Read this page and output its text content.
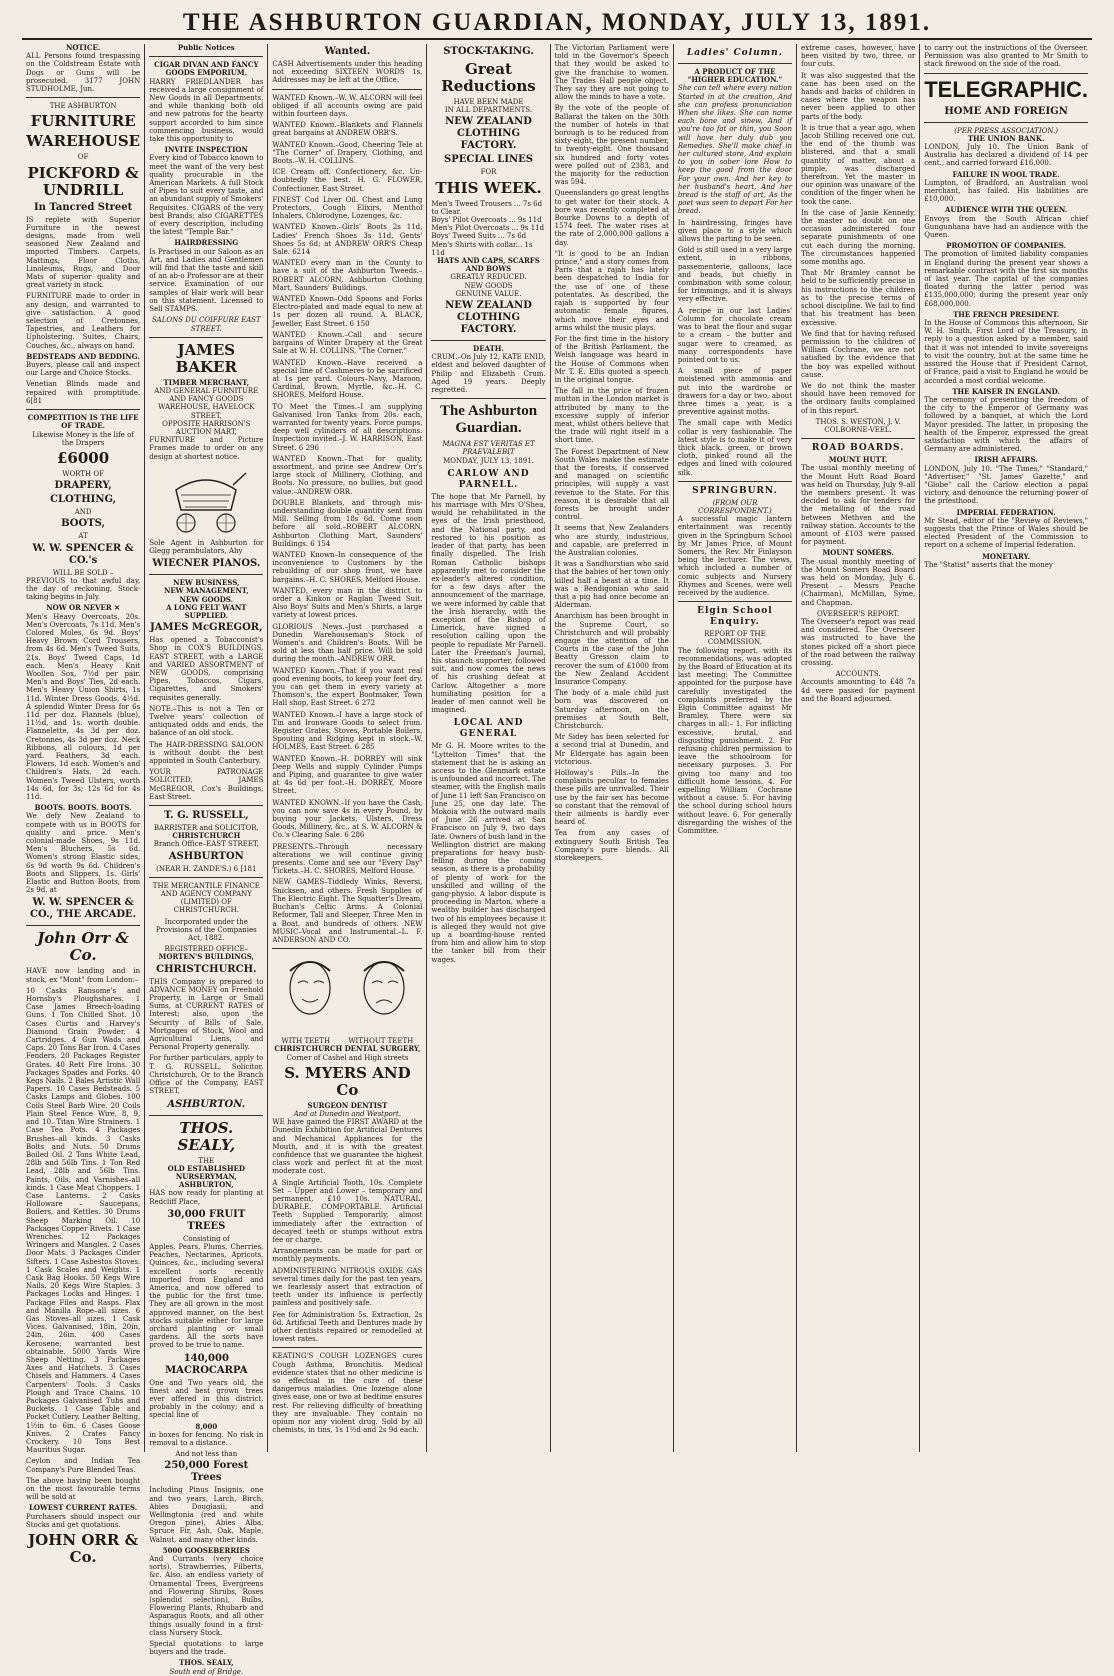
THE ASHBURTON GUARDIAN, MONDAY, JULY 13, 1891.
NOTICE.

ALL Persons found trespassing on the Coldstream Estate with Dogs or Guns will be prosecuted. 3177 JOHN STUDHOLME, Jun.

THE ASHBURTON
FURNITURE
WAREHOUSE
OF
PICKFORD & UNDRILL
In Tancred Street

IS replete with Superior Furniture in the newest designs, made from well seasoned New Zealand and imported Timbers. Carpets, Mattings, Floor Cloths, Linoleums, Rugs, and Door Mats of superior quality and great variety in stock.

FURNITURE made to order in any design, and warranted to give satisfaction. A good selection of Cretonnes, Tapestries, and Leathers for Upholstering. Suites, Chairs, Couches, &c., always on hand.

BEDSTEADS AND BEDDING.

Buyers, please call and inspect our Large and Choice Stocks.

Venetian Blinds made and repaired with promptitude. 6[81

COMPETITION IS THE LIFE OF TRADE.
Likewise Money is the life of the Drapers
£6000
WORTH OF
DRAPERY,
CLOTHING,
AND
BOOTS,
AT
W. W. SPENCER & CO.'s
WILL BE SOLD –

PREVIOUS to that awful day, the day of reckoning, Stock-taking begins in July.

NOW OR NEVER ✕

Men's Heavy Overcoats, 20s. Men's Overcoats, 7s 11d. Men's Colored Moles, 6s 9d. Boys' Heavy Brown Cord Trousers, from 4s 6d. Men's Tweed Suits, 21s. Boys' Tweed Caps, 1d each. Men's Heavy Knit Woollen Sox, 7½d per pair. Men's and Boys' Ties, 2d each. Men's Heavy Union Shirts, 1s 11d. Winter Dress Goods, 4½d. A splendid Winter Dress for 6s 11d per doz. Flannels (blue), 11½d, and 1s. worth double. Flannelette, 4s 3d per doz. Cretonnes, 4s 3d per doz. Neck Ribbons, all colours, 1d per yard. Feathers, 3d each. Flowers, 1d each. Women's and Children's Hats, 2d each. Women's Tweed Ulsters, worth 14s 6d, for 3s; 12s 6d for 4s 11d.

BOOTS. BOOTS. BOOTS.

We defy New Zealand to compete with us in BOOTS for quality and price. Men's colonial-made Shoes, 9s 11d. Men's Bluchers, 5s 6d. Women's strong Elastic sides, 6s 9d worth 9s 6d. Children's Boots and Slippers, 1s. Girls' Elastic and Button Boots, from 2s 9d. at

W. W. SPENCER & CO., THE ARCADE.
John Orr & Co.

HAVE now landing and in stock, ex "Mont" from London:–

10 Casks Ransome's and Hornsby's Ploughshares. 1 Case James Breech-loading Guns. 1 Ton Chilled Shot. 10 Cases Curtis and Harvey's Diamond Grain Powder. 4 Cartridges. 4 Gun Wads and Caps. 20 Tons Bar Iron. 4 Cases Fenders. 20 Packages Register Grates. 40 Rett Fire Irons. 30 Packages Spades and Forks. 40 Kegs Nails. 2 Bales Artistic Wall Papers. 10 Cases Bedsteads. 5 Casks Lamps and Globes. 100 Coils Steel Barb Wire. 20 Coils Plain Steel Fence Wire, 8, 9, and 10. Titan Wire Strainers. 1 Case Tea Pots. 4 Packages Brushes–all kinds. 3 Casks Bolts and Nuts. 50 Drums Boiled Oil. 2 Tons White Lead, 28lb and 56lb Tins. 1 Ton Red Lead, 28lb and 56lb Tins. Paints, Oils, and Varnishes–all kinds. 1 Case Meat Choppers. 1 Case Lanterns. 2 Casks Holloware – Saucepans, Boilers, and Kettles. 30 Drums Sheep Marking Oil. 10 Packages Copper Rivets. 1 Case Wrenches. 12 Packages Wringers and Mangles. 2 Cases Door Mats. 3 Packages Cinder Sifters. 1 Case Asbestos Stoves. 1 Cask Scales and Weights. 1 Cask Bag Hooks. 50 Kegs Wire Nails. 20 Kegs Wire Staples. 3 Packages Locks and Hinges. 1 Package Files and Rasps. Flax and Manilla Rope–all sizes. 6 Gas Stoves–all sizes. 1 Cask Vices. Galvanised, 18in, 20in, 24in, 26in. 400 Cases Kerosene; warranted best obtainable. 5000 Yards Wire Sheep Netting. 3 Packages Axes and Hatchets. 3 Cases Chisels and Hammers. 4 Cases Carpenters' Tools. 3 Casks Plough and Trace Chains. 10 Packages Galvanised Tubs and Buckets. 1 Case Table and Pocket Cutlery. Leather Belting, 1½in to 6in. 6 Cases Goose Knives. 2 Crates Fancy Crockery. 10 Tons Best Mauritius Sugar.

Ceylon and Indian Tea Company's Pure Blended Teas.

The above having been bought on the most favourable terms will be sold at

LOWEST CURRENT RATES.

Purchasers should inspect our Stocks and get quotations.

JOHN ORR & Co.
Public Notices
CIGAR DIVAN AND FANCY GOODS EMPORIUM.

HARRY FRIEDLANDER has received a large consignment of New Goods in all Departments, and while thanking both old and new patrons for the hearty support accorded to him since commencing business, would take this opportunity to

INVITE INSPECTION

Every kind of Tobacco known to meet the want of the very best quality procurable in the American Markets. A full Stock of Pipes to suit every taste, and an abundant supply of Smokers' Requisites. CIGARS of the very best Brands; also CIGARETTES of every description, including the latest "Temple Bar."

HAIRDRESSING

Is Practised in our Saloon as an Art, and Ladies and Gentlemen will find that the taste and skill of an ab-o Professor are at their service. Examination of our samples of Hair work will bear on this statement. Licensed to Sell STAMPS.

SALONS DU COIFFURE EAST STREET.
JAMES BAKER
TIMBER MERCHANT,
AND GENERAL FURNITURE AND FANCY GOODS WAREHOUSE, HAVELOCK STREET,
OPPOSITE HARRISON'S AUCTION MART,

FURNITURE and Picture Frames made to order on any design at shortest notice.

Sole Agent in Ashburton for Glegg perambulators, Ahy

WIECNER PIANOS.
NEW BUSINESS,
NEW MANAGEMENT,
NEW GOODS.
A LONG FELT WANT SUPPLIED.
JAMES McGREGOR,

Has opened a Tobacconist's Shop in COX'S BUILDINGS, EAST STREET, with a LARGE and VARIED ASSORTMENT of NEW GOODS, comprising Pipes, Tobaccos, Cigars, Cigarettes, and Smokers' requisites generally.

NOTE.–This is not a Ten or Twelve years' collection of antiquated odds and ends, the balance of an old stock.

The HAIR-DRESSING SALOON is without doubt the best appointed in South Canterbury.

YOUR PATRONAGE SOLICITED, JAMES McGREGOR, Cox's Buildings, East Street.

T. G. RUSSELL,
BARRISTER and SOLICITOR,
CHRISTCHURCH
Branch Office–EAST STREET,
ASHBURTON
(NEAR H. ZANDE'S.) 6 [181

THE MERCANTILE FINANCE AND AGENCY COMPANY (LIMITED) OF CHRISTCHURCH.

Incorporated under the Provisions of the Companies Act, 1882.

REGISTERED OFFICE–
MORTEN'S BUILDINGS,
CHRISTCHURCH.

THIS Company is prepared to ADVANCE MONEY on Freehold Property, in Large or Small Sums, at CURRENT RATES of Interest; also, upon the Security of Bills of Sale, Mortgages of Stock, Wool and Agricultural Liens, and Personal Property generally.

For further particulars, apply to T. G. RUSSELL, Solicitor, Christchurch, Or to the Branch Office of the Company, EAST STREET,

ASHBURTON.
THOS. SEALY,
THE
OLD ESTABLISHED NURSERYMAN, ASHBURTON,

HAS now ready for planting at Redcliff Place,

30,000 FRUIT TREES
Consisting of

Apples, Pears, Plums, Cherries, Peaches, Nectarines, Apricots, Quinces, &c., including several excellent sorts recently imported from England and America, and now offered to the public for the first time. They are all grown in the most approved manner, on the best stocks suitable either for large orchard planting or small gardens. All the sorts have proved to be true to name.

140,000 MACROCARPA

One and Two years old, the finest and best grown trees ever offered in this district, probably in the colony; and a special line of

8,000

in boxes for fencing. No risk in removal to a distance.

And not less than
250,000 Forest Trees

Including Pinus Insignis, one and two years, Larch, Birch, Abies Douglasii, and Wellingtonia (red and white Oregon pine), Abies Alba, Spruce Fir, Ash, Oak, Maple, Walnut, and many other kinds.

5000 GOOSEBERRIES

And Currants (very choice sorts), Strawberries, Filberts, &c. Also, an endless variety of Ornamental Trees, Evergreens and Flowering Shrubs, Roses (splendid selection), Bulbs, Flowering Plants, Rhubarb and Asparagus Roots, and all other things usually found in a first-class Nursery Stock.

Special quotations to large buyers and the trade.

THOS. SEALY,
South end of Bridge.
Wanted.

CASH Advertisements under this heading not exceeding SIXTEEN WORDS 1s. Addresses may be left at the Office.

WANTED Known.–W. W. ALCORN will feel obliged if all accounts owing are paid within fourteen days.

WANTED Known.–Blankets and Flannels great bargains at ANDREW ORR'S.

WANTED Known.–Good, Cheering Tele at "The Corner" of Drapery, Clothing, and Boots.–W. H. COLLINS.

ICE Cream off. Confectionery, &c. Un-doubtedly the best. H. G. FLOWER, Confectioner, East Street.

FINEST Cod Liver Oil. Chest and Lung Protectors, Cough Elixirs, Menthol Inhalers, Chlorodyne, Lozenges, &c.

WANTED Known.–Girls' Boots 2s 11d, Ladies' French Shoes 3s 11d, Gents' Shoes 5s 6d; at ANDREW ORR'S Cheap Sale. 6214

WANTED every man in the County to have a suit of the Ashburton Tweeds.–ROBERT ALCORN, Ashburton Clothing Mart, Saunders' Buildings.

WANTED Known–Odd Spoons and Forks Electro-plated and made equal to new at 1s per dozen all round. A. BLACK, Jeweller, East Street. 6 150

WANTED Known.–Call and secure bargains of Winter Drapery at the Great Sale at W. H. COLLINS, "The Corner."

WANTED Known.–Have received a special line of Cashmeres to be sacrificed at 1s per yard. Colours–Navy, Maroon, Cardinal, Brown, Myrtle, &c.–H. C. SHORES, Melford House.

TO Meet the Times.–I am supplying Galvanised Iron Tanks from 20s. each, warranted for twenty years. Force pumps, deep well cylinders of all descriptions. Inspection invited.–J. W. HARRISON, East Street. 6 296

WANTED Known.–That for quality, assortment, and price see Andrew Orr's large stock of Millinery, Clothing, and Boots. No pressure, no bullies, but good value.–ANDREW ORR.

DOUBLE Blankets, and through mis-understanding double quantity sent from Mill. Selling from 18s 6d. Come soon before all sold.–ROBERT ALCORN, Ashburton Clothing Mart, Saunders' Buildings. 6 154

WANTED Known–In consequence of the inconvenience to Customers by the rebuilding of our shop front, we have bargains.–H. C. SHORES, Melford House.

WANTED, every man in the district to order a Kinkon or Raglan Tweed Suit. Also Boys' Suits and Men's Shirts, a large variety at lowest prices.

GLORIOUS News.–Just purchased a Dunedin Warehouseman's Stock of Women's and Children's Boots. Will be sold at less than half price. Will be sold during the month.–ANDREW ORR.

WANTED Known.–That if you want real good evening boots, to keep your feet dry, you can get them in every variety at Thomson's, the expert Bootmaker, Town Hall shop, East Street. 6 272

WANTED Known.–I have a large stock of Tin and Ironware Goods to select from. Register Grates, Stoves, Portable Boilers, Spouting and Ridging kept in stock.–W. HOLMES, East Street. 6 285

WANTED Known.–H. DORREY will sink Deep Wells and supply Cylinder Pumps and Piping, and guarantee to give water at 4s 6d per foot.–H. DORREY, Moore Street.

WANTED KNOWN.–If you have the Cash, you can now save 4s in every Pound, by buying your Jackets, Ulsters, Dress Goods, Millinery, &c., at S. W. ALCORN & Co.'s Clearing Sale. 6 286

PRESENTS.–Through necessary alterations we will continue giving presents. Come and see our "Every Day" Tickets.–H. C. SHORES, Melford House.

NEW GAMES–Tiddledy Winks, Reversi, Snicksen, and others. Fresh Supplies of The Electric Eight. The Squatter's Dream, Buchan's Celtic Arms. A Colonial Reformer, Tall and Sleeper, Three Men in a Boat, and hundreds of others. NEW MUSIC–Vocal and Instrumental.–L. F. ANDERSON AND CO.

WITH TEETH	WITHOUT TEETH
CHRISTCHURCH DENTAL SURGERY,
Corner of Cashel and High streets
S. MYERS AND Co
SURGEON DENTIST
And at Dunedin and Westport.

WE have gained the FIRST AWARD at the Dunedin Exhibition for Artificial Dentures and Mechanical Appliances for the Mouth, and it is with the greatest confidence that we guarantee the highest class work and perfect fit at the most moderate cost.

A Single Artificial Tooth, 10s. Complete Set – Upper and Lower – temporary and permanent, £10 10s. NATURAL, DURABLE, COMFORTABLE. Artificial Teeth Supplied Temporarily, almost immediately after the extraction of decayed teeth or stumps without extra fee or charge.

Arrangements can be made for part or monthly payments.

ADMINISTERING NITROUS OXIDE GAS several times daily for the past ten years, we fearlessly assert that extraction of teeth under its influence is perfectly painless and positively safe.

Fee for Administration 5s. Extraction, 2s 6d. Artificial Teeth and Dentures made by other dentists repaired or remodelled at lowest rates.

KEATING'S COUGH LOZENGES cures Cough Asthma, Bronchitis. Medical evidence states that no other medicine is so effectual in the cure of these dangerous maladies. One lozenge alone gives ease, one or two at bedtime ensures rest. For relieving difficulty of breathing they are invaluable. They contain no opium nor any violent drug. Sold by all chemists, in tins, 1s 1½d and 2s 9d each.

STOCK-TAKING.
Great Reductions
HAVE BEEN MADE
IN ALL DEPARTMENTS.
NEW ZEALAND CLOTHING FACTORY.
SPECIAL LINES
FOR
THIS WEEK.
Men's Tweed Trousers ... 7s 6d to Clear.
Boys' Pilot Overcoats ... 9s 11d
Men's Pilot Overcoats ... 9s 11d
Boys' Tweed Suits ... 7s 6d
Men's Shirts with collar... 1s 11d
HATS AND CAPS, SCARFS AND BOWS
GREATLY REDUCED.
NEW GOODS
GENUINE VALUE.
NEW ZEALAND CLOTHING FACTORY.
DEATH.

CRUM.–On July 12, KATE ENID, eldest and beloved daughter of Philip and Elizabeth Crum. Aged 19 years. Deeply regretted.

The Ashburton Guardian.
MAGNA EST VERITAS ET PRAEVALEBIT
MONDAY, JULY 13, 1891.
CARLOW AND PARNELL.

The hope that Mr Parnell, by his marriage with Mrs O'Shea, would be rehabilitated in the eyes of the Irish priesthood, and the National party, and restored to his position as leader of that party, has been finally dispelled. The Irish Roman Catholic bishops apparently met to consider the ex-leader's altered condition, for a few days after the announcement of the marriage, we were informed by cable that the Irish hierarchy, with the exception of the Bishop of Limerick, have signed a resolution calling upon the people to repudiate Mr Parnell. Later the Freeman's Journal, his staunch supporter, followed suit, and now comes the news of his crushing defeat at Carlow. Altogether a more humiliating position for a leader of men cannot well be imagined.

LOCAL AND GENERAL

Mr G. H. Moore writes to the "Lyttelton Times" that the statement that he is asking an access to the Glenmark estate is unfounded and incorrect. The steamer, with the English mails of June 11 left San Francisco on June 25, one day late. The Mokoia with the outward mails of June 26 arrived at San Francisco on July 9, two days late. Owners of bush land in the Wellington district are making preparations for heavy bush-felling during the coming season, as there is a probability of plenty of work for the unskilled and willing of the gang-physio. A labor dispute is proceeding in Marton, where a wealthy builder has discharged two of his employees because it is alleged they would not give up a boarding-house rented from him and allow him to stop the tanker bill from their wages.

The Victorian Parliament were told in the Governor's Speech that they would be asked to give the franchise to women. The Trades Hall people object. They say they are not going to allow the minds to have a vote.

By the vote of the people of Ballarat the taken on the 30th the number of hotels in that borough is to be reduced from sixty-eight, the present number, to twenty-eight. One thousand six hundred and forty votes were polled out of 2383, and the majority for the reduction was 594.

Queenslanders go great lengths to get water for their stock. A bore was recently completed at Bourke Downs to a depth of 1574 feet. The water rises at the rate of 2,000,000 gallons a day.

"It is good to be an Indian prince," and a story comes from Paris that a rajah has lately been despatched to India for the use of one of these potentates. As described, the rajah is supported by four automatic female figures, which move their eyes and arms whilst the music plays.

For the first time in the history of the British Parliament, the Welsh language was heard in the House of Commons when Mr T. E. Ellis quoted a speech in the original tongue.

The fall in the price of frozen mutton in the London market is attributed by many to the excessive supply of inferior meat, whilst others believe that the trade will right itself in a short time.

The Forest Department of New South Wales make the estimate that the forests, if conserved and managed on scientific principles, will supply a vast revenue to the State. For this reason, it is desirable that all forests be brought under control.

It seems that New Zealanders who are sturdy, industrious, and capable, are preferred in the Australian colonies.

It was a Sandhurstian who said that the babies of her town only killed half a beast at a time. It was a Bendigonian who said that a pig had once become an Alderman.

Anarchism has been brought in the Supreme Court, so Christchurch and will probably engage the attention of the Courts in the case of the John Beatty Gresson claim to recover the sum of £1000 from the New Zealand Accident Insurance Company.

The body of a male child just born was discovered on Saturday afternoon, on the premises at South Belt, Christchurch.

Mr Sidey has been selected for a second trial at Dunedin, and Mr Eldergate has again been victorious.

Holloway's Pills.–In the complaints peculiar to females these pills are unrivalled. Their use by the fair sex has become so constant that the removal of their ailments is hardly ever heard of.

Tea from any cases of extinguery South British Tea Company's pure blends. All storekeepers.

Ladies' Column.
A PRODUCT OF THE "HIGHER EDUCATION."

She can tell where every nation Started in at the creation, And she can profess pronunciation When she likes. She can name each bone and sinew, And if you're too fat or thin, you Soon will have her duly dub you Remedies. She'll make chief in her cultured store, And explain to you in sober lore How to keep the good from the door For your own. And her key to her husband's heart, And her bread is the staff of art, As the poet was seen to depart For her bread.

In hairdressing, fringes have given place to a style which allows the parting to be seen.

Gold is still used in a very large extent, in ribbons, passementerie, galloons, lace and beads, but chiefly in combination with some colour, for trimmings, and it is always very effective.

A recipe in our last Ladies' Column for chocolate cream was to beat the flour and sugar to a cream – the butter and sugar were to creamed, as many correspondents have pointed out to us.

A small piece of paper moistened with ammonia and put into the wardrobe or drawers for a day or two, about three times a year, is a preventive against moths.

The small cape with Medici collar is very fashionable. The latest style is to make it of very thick black, green, or brown cloth, pinked round all the edges and lined with coloured silk.

SPRINGBURN.
(FROM OUR CORRESPONDENT.)

A successful magic lantern entertainment was recently given in the Springburn School by Mr James Price, of Mount Somers, the Rev. Mr Finlayson being the lecturer. The views, which included a number of comic subjects and Nursery Rhymes and Scenes, were well received by the audience.

Elgin School Enquiry.
REPORT OF THE COMMISSION.

The following report, with its recommendations, was adopted by the Board of Education at its last meeting: The Committee appointed for the purpose have carefully investigated the complaints preferred by the Elgin Committee against Mr Bramley. There were six charges in all:– 1. For inflicting excessive, brutal, and disgusting punishment. 2. For refusing children permission to leave the schoolroom for necessary purposes. 3. For giving too many and too difficult home lessons. 4. For expelling William Cochrane without a cause. 5. For having the school during school hours without leave. 6. For generally disregarding the wishes of the Committee.

extreme cases, however, have been visited by two, three, or four cuts.

It was also suggested that the cane has been used on the hands and backs of children in cases where the weapon has never been applied to other parts of the body.

It is true that a year ago, when Jacob Stilling received one cut, the end of the thumb was blistered, and that a small quantity of matter, about a pimple, was discharged therefrom. Yet the master in our opinion was unaware of the condition of the finger when he took the cane.

In the case of Janie Kennedy, the master no doubt on one occasion administered four separate punishments of one cut each during the morning. The circumstances happened some months ago.

That Mr Bramley cannot be held to be sufficiently precise in his instructions to the children as to the precise terms of school discipline. We fail to find that his treatment has been excessive.

We find that for having refused permission to the children of William Cochrane, we are not satisfied by the evidence that the boy was expelled without cause.

We do not think the master should have been removed for the ordinary faults complained of in this report.

THOS. S. WESTON, J. V. COLBORNE-VEEL.

ROAD BOARDS.
MOUNT HUTT.

The usual monthly meeting of the Mount Hutt Road Board was held on Thursday, July 9–all the members present. It was decided to ask for tenders for the metalling of the road between Methven and the railway station. Accounts to the amount of £103 were passed for payment.

MOUNT SOMERS.

The usual monthly meeting of the Mount Somers Road Board was held on Monday, July 6. Present – Messrs Peache (Chairman), McMillan, Syme, and Chapman.

OVERSEER'S REPORT.

The Overseer's report was read and considered. The Overseer was instructed to have the stones picked off a short piece of the road between the railway crossing.

ACCOUNTS.

Accounts amounting to £48 7s 4d were passed for payment and the Board adjourned.

to carry out the instructions of the Overseer. Permission was also granted to Mr Smith to stack firewood on the side of the road.

TELEGRAPHIC.
HOME AND FOREIGN
(PER PRESS ASSOCIATION.)
THE UNION BANK.

LONDON, July 10. The Union Bank of Australia has declared a dividend of 14 per cent., and carried forward £16,000.

FAILURE IN WOOL TRADE.

Lumpton, of Bradford, an Australian wool merchant, has failed. His liabilities are £10,000.

AUDIENCE WITH THE QUEEN.

Envoys from the South African chief Gungunhana have had an audience with the Queen.

PROMOTION OF COMPANIES.

The promotion of limited liability companies in England during the present year shows a remarkable contrast with the first six months of last year. The capital of the companies floated during the latter period was £135,000,000; during the present year only £68,000,000.

THE FRENCH PRESIDENT.

In the House of Commons this afternoon, Sir W. H. Smith, First Lord of the Treasury, in reply to a question asked by a member, said that it was not intended to invite sovereigns to visit the country, but at the same time he assured the House that if President Carnot, of France, paid a visit to England he would be accorded a most cordial welcome.

THE KAISER IN ENGLAND.

The ceremony of presenting the freedom of the city to the Emperor of Germany was followed by a banquet, at which the Lord Mayor presided. The latter, in proposing the health of the Emperor, expressed the great satisfaction with which the affairs of Germany are administered.

IRISH AFFAIRS.

LONDON, July 10. "The Times," "Standard," "Advertiser," "St. James' Gazette," and "Globe" call the Carlow election a papal victory, and denounce the returning power of the priesthood.

IMPERIAL FEDERATION.

Mr Stead, editor of the "Review of Reviews," suggests that the Prince of Wales should be elected President of the Commission to report on a scheme of Imperial federation.

MONETARY.

The "Statist" asserts that the money
